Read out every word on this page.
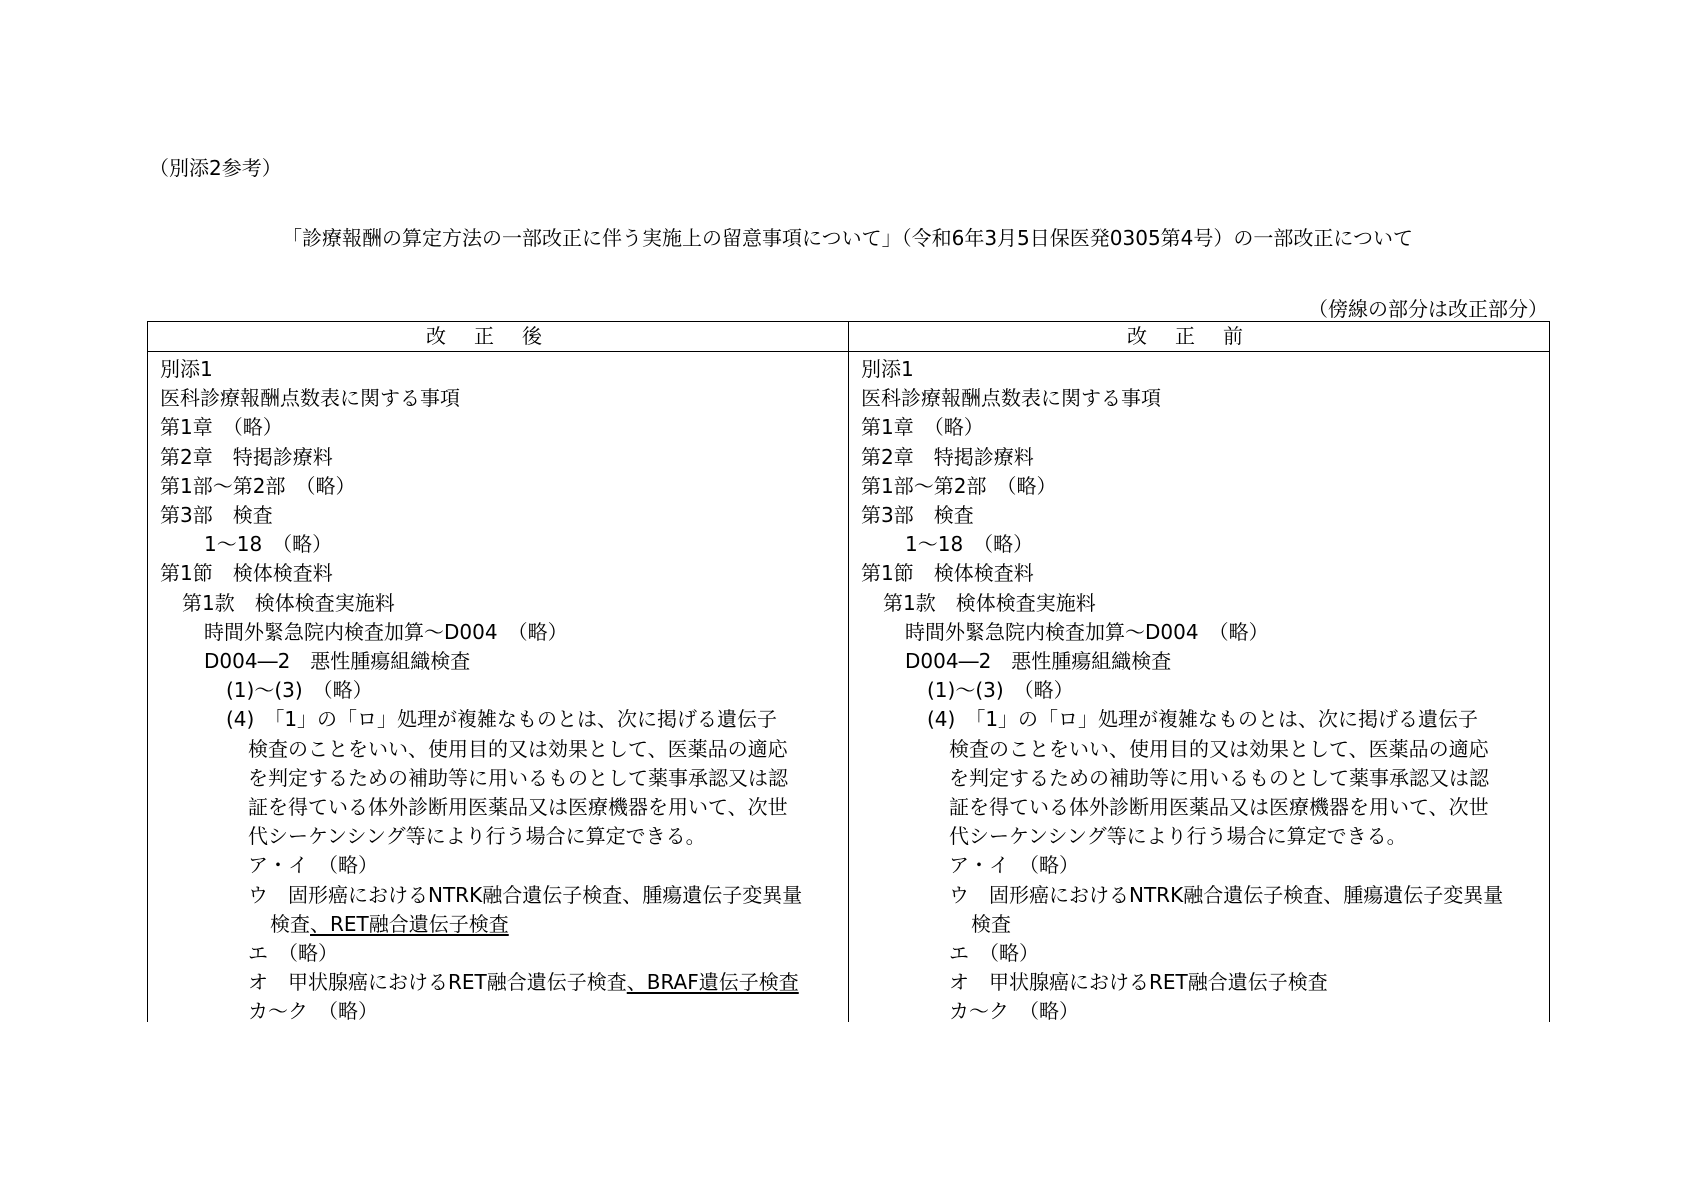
（別添2参考）
「診療報酬の算定方法の一部改正に伴う実施上の留意事項について」（令和6年3月5日保医発0305第4号）の一部改正について
（傍線の部分は改正部分）
改正後	改正前
別添1
医科診療報酬点数表に関する事項
第1章　（略）
第2章　特掲診療料
第1部～第2部　（略）
第3部　検査
1～18　（略）
第1節　検体検査料
第1款　検体検査実施料
時間外緊急院内検査加算～D004　（略）
D004―2　悪性腫瘍組織検査
(1)～(3)　（略）
(4)　「1」の「ロ」処理が複雑なものとは、次に掲げる遺伝子
検査のことをいい、使用目的又は効果として、医薬品の適応
を判定するための補助等に用いるものとして薬事承認又は認
証を得ている体外診断用医薬品又は医療機器を用いて、次世
代シーケンシング等により行う場合に算定できる。
ア・イ　（略）
ウ　固形癌におけるNTRK融合遺伝子検査、腫瘍遺伝子変異量
検査、RET融合遺伝子検査
エ　（略）
オ　甲状腺癌におけるRET融合遺伝子検査、BRAF遺伝子検査
カ～ク　（略）
別添1
医科診療報酬点数表に関する事項
第1章　（略）
第2章　特掲診療料
第1部～第2部　（略）
第3部　検査
1～18　（略）
第1節　検体検査料
第1款　検体検査実施料
時間外緊急院内検査加算～D004　（略）
D004―2　悪性腫瘍組織検査
(1)～(3)　（略）
(4)　「1」の「ロ」処理が複雑なものとは、次に掲げる遺伝子
検査のことをいい、使用目的又は効果として、医薬品の適応
を判定するための補助等に用いるものとして薬事承認又は認
証を得ている体外診断用医薬品又は医療機器を用いて、次世
代シーケンシング等により行う場合に算定できる。
ア・イ　（略）
ウ　固形癌におけるNTRK融合遺伝子検査、腫瘍遺伝子変異量
検査
エ　（略）
オ　甲状腺癌におけるRET融合遺伝子検査
カ～ク　（略）
